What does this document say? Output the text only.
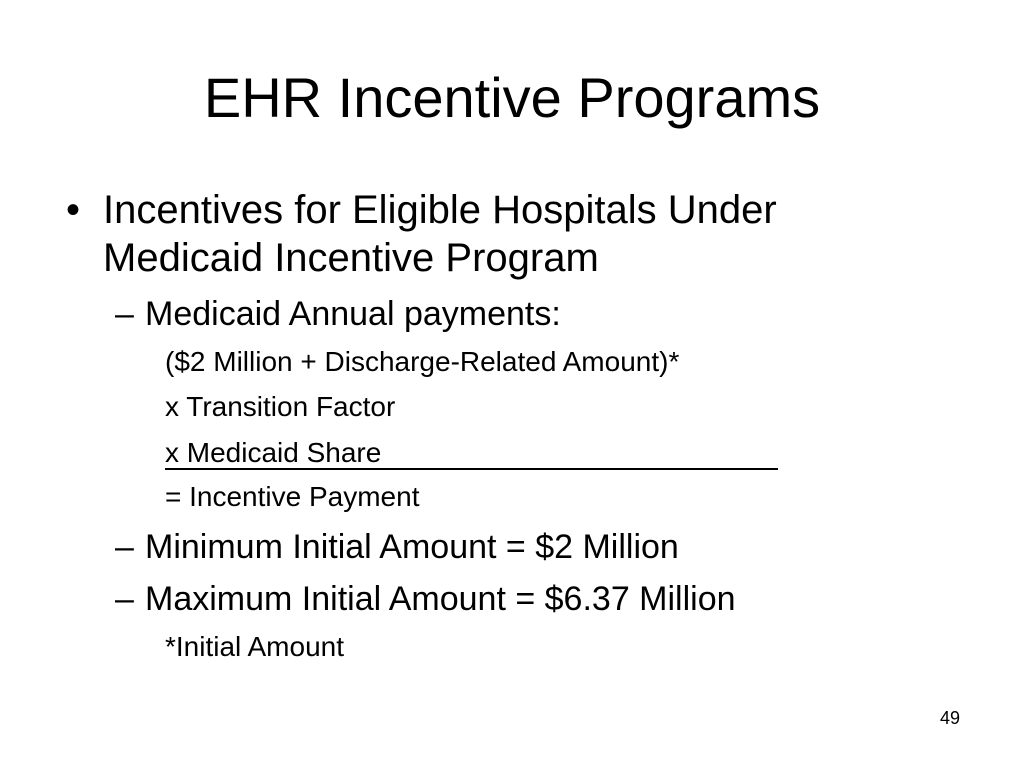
EHR Incentive Programs
• Incentives for Eligible Hospitals Under Medicaid Incentive Program
– Medicaid Annual payments:
($2 Million + Discharge-Related Amount)*
x Transition Factor
x Medicaid Share
= Incentive Payment
– Minimum Initial Amount = $2 Million
– Maximum Initial Amount = $6.37 Million
*Initial Amount
49
